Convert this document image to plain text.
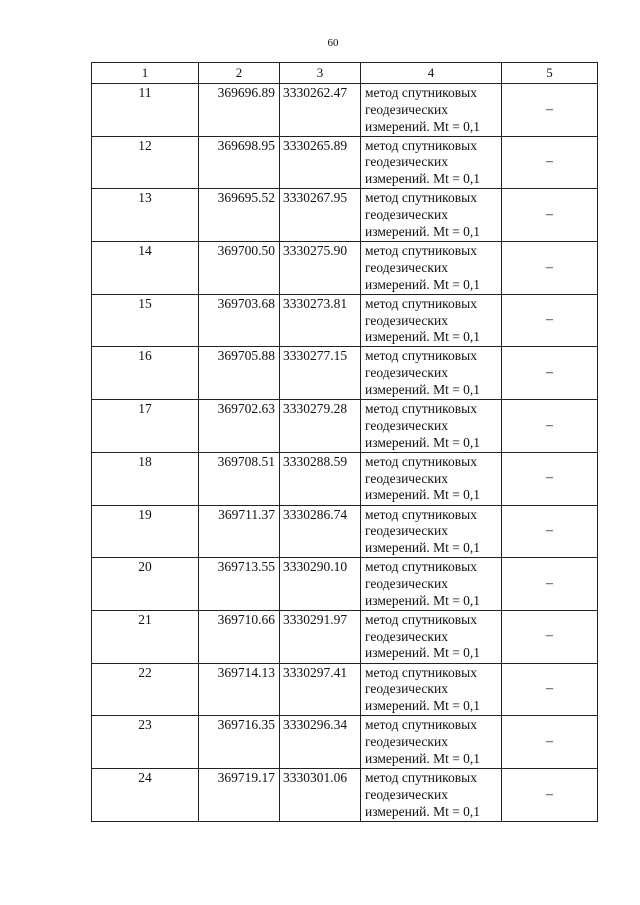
60
1	2	3	4	5
11	369696.89	3330262.47	метод спутниковых
геодезических
измерений. Mt = 0,1	–
12	369698.95	3330265.89	метод спутниковых
геодезических
измерений. Mt = 0,1	–
13	369695.52	3330267.95	метод спутниковых
геодезических
измерений. Mt = 0,1	–
14	369700.50	3330275.90	метод спутниковых
геодезических
измерений. Mt = 0,1	–
15	369703.68	3330273.81	метод спутниковых
геодезических
измерений. Mt = 0,1	–
16	369705.88	3330277.15	метод спутниковых
геодезических
измерений. Mt = 0,1	–
17	369702.63	3330279.28	метод спутниковых
геодезических
измерений. Mt = 0,1	–
18	369708.51	3330288.59	метод спутниковых
геодезических
измерений. Mt = 0,1	–
19	369711.37	3330286.74	метод спутниковых
геодезических
измерений. Mt = 0,1	–
20	369713.55	3330290.10	метод спутниковых
геодезических
измерений. Mt = 0,1	–
21	369710.66	3330291.97	метод спутниковых
геодезических
измерений. Mt = 0,1	–
22	369714.13	3330297.41	метод спутниковых
геодезических
измерений. Mt = 0,1	–
23	369716.35	3330296.34	метод спутниковых
геодезических
измерений. Mt = 0,1	–
24	369719.17	3330301.06	метод спутниковых
геодезических
измерений. Mt = 0,1	–
